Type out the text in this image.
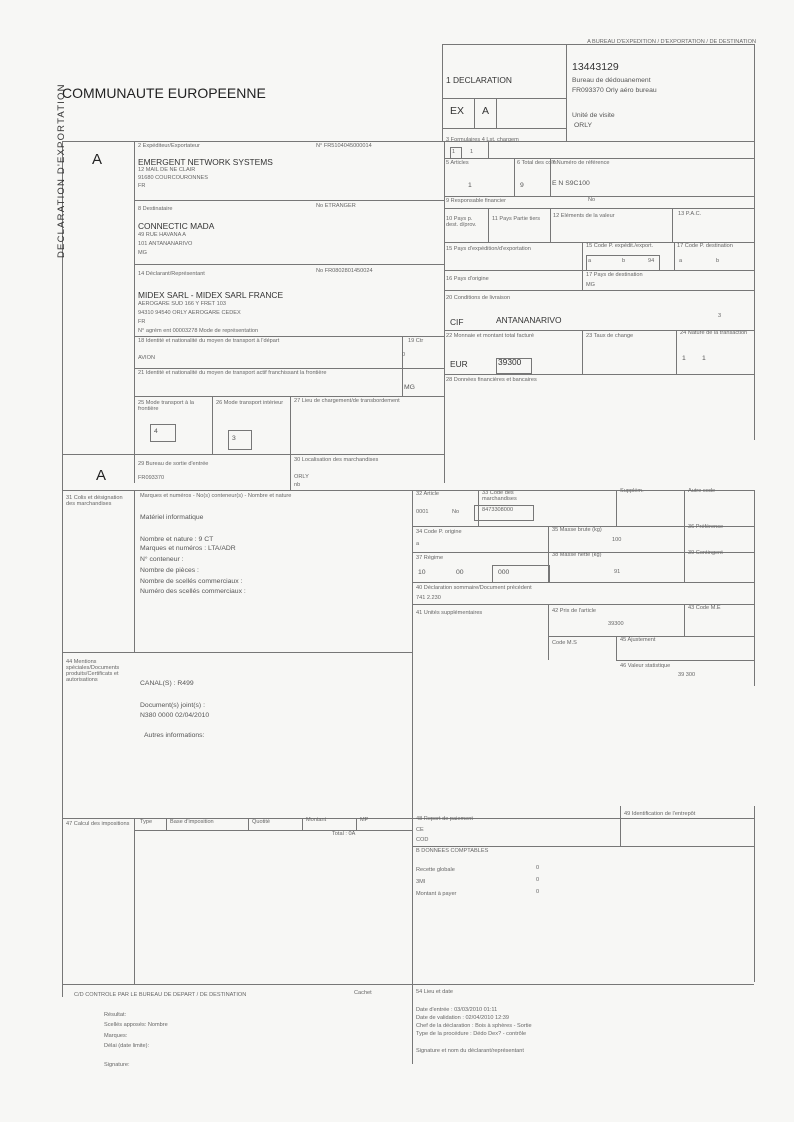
COMMUNAUTE EUROPEENNE
A BUREAU D'EXPEDITION / D'EXPORTATION / DE DESTINATION
13443129
Bureau de dédouanement
FR093370 Orly aéro bureau
Unité de visite
ORLY
1 DECLARATION
EX A
A
DECLARATION D'EXPORTATION
A
2 Expéditeur/Exportateur	N° FR5104045000014
EMERGENT NETWORK SYSTEMS
12 MAIL DE NE CLAIR
91680 COURCOURONNES
FR
8 Destinataire	No ETRANGER
CONNECTIC MADA
49 RUE HAVANA A
101 ANTANANARIVO
MG
14 Déclarant/Représentant	No FR0802801450024
MIDEX SARL - MIDEX SARL FRANCE
AEROGARE SUD 166 Y FRET 103
94310 94540 ORLY AEROGARE CEDEX
FR
N° agrém ent 00003278 Mode de représentation
18 Identité et nationalité du moyen de transport à l'départ	19 Ctr
AVION	0
21 Identité et nationalité du moyen de transport actif franchissant la frontière
MG
25 Mode transport à la frontière
4
26 Mode transport intérieur
3
27 Lieu de chargement/de transbordement
29 Bureau de sortie d'entrée
FR093370
30 Localisation des marchandises
ORLY
nb
3 Formulaires 4 Lst. chargem
1	1
5 Articles
1
6 Total des colis
9
7 Numéro de référence
E N S9C100
9 Responsable financier	No
10 Pays p. dest. d/prov.
11 Pays Partie tiers	12 Eléments de la valeur	13 P.A.C.
15 Pays d'expédition/d'exportation	15 Code P. expédit./export.	17 Code P. destination
a	b	94	a	b
16 Pays d'origine
17 Pays de destination
MG
20 Conditions de livraison
CIF	ANTANANARIVO	3
22 Monnaie et montant total facturé
EUR	39300
23 Taux de change	24 Nature de la transaction
1 1
28 Données financières et bancaires
31 Colis et désignation des marchandises
Marques et numéros - No(s) conteneur(s) - Nombre et nature
Matériel informatique
Nombre et nature : 9 CT
Marques et numéros : LTA/ADR
N° conteneur :
Nombre de pièces :
Nombre de scellés commerciaux :
Numéro des scellés commerciaux :
32 Article
0001	No
33 Code des marchandises
8473308000
Supplém.	Autre code
34 Code P. origine
a
35 Masse brute (kg)
100
36 Préférence
37 Régime
10	00	000
38 Masse nette (kg)
91
39 Contingent
40 Déclaration sommaire/Document précédent
741 2.230
41 Unités supplémentaires	42 Prix de l'article
39300
43 Code M.E
Code M.S	45 Ajustement
46 Valeur statistique
39 300
44 Mentions spéciales/Documents produits/Certificats et autorisations
CANAL(S) : R499
Document(s) joint(s) :
N380 0000 02/04/2010
Autres informations:
47 Calcul des impositions Type	Base d'imposition	Quotité	Montant	MP
Total : 0A
48 Report de paiement
CE
COD
49 Identification de l'entrepôt
B DONNEES COMPTABLES
Recette globale	0
3MI	0
Montant à payer	0
C/D CONTROLE PAR LE BUREAU DE DEPART / DE DESTINATION	Cachet
Résultat:
Scellés apposés: Nombre
Marques:
Délai (date limite):
Signature:
54 Lieu et date
Date d'entrée : 03/03/2010 01:11
Date de validation : 02/04/2010 12:39
Chef de la déclaration : Bois à sphères - Sortie
Type de la procédure : Dédo Dex? - contrôle
Signature et nom du déclarant/représentant
